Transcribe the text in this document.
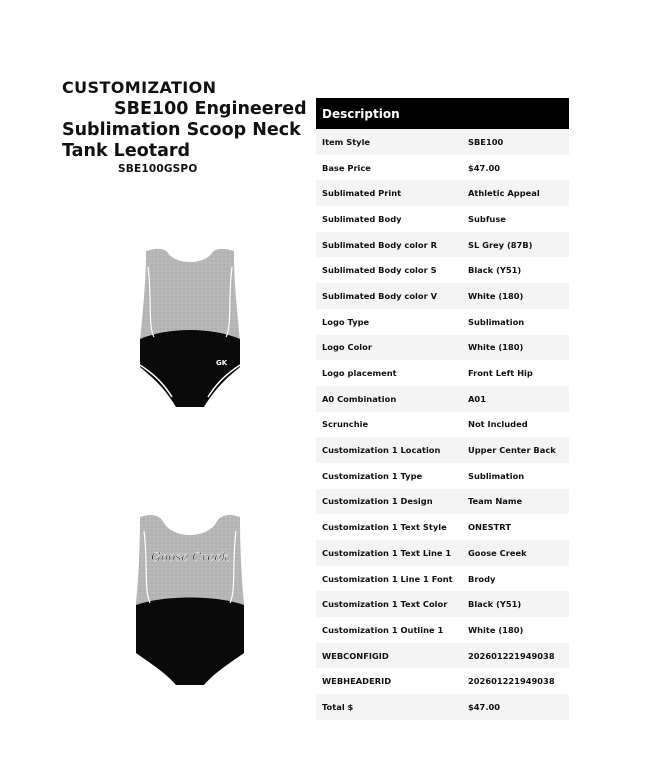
CUSTOMIZATION
SBE100 Engineered
Sublimation Scoop Neck
Tank Leotard
SBE100GSPO
GK
Goose Creek
Description	
Item Style	SBE100
Base Price	$47.00
Sublimated Print	Athletic Appeal
Sublimated Body	Subfuse
Sublimated Body color R	SL Grey (87B)
Sublimated Body color S	Black (Y51)
Sublimated Body color V	White (180)
Logo Type	Sublimation
Logo Color	White (180)
Logo placement	Front Left Hip
A0 Combination	A01
Scrunchie	Not Included
Customization 1 Location	Upper Center Back
Customization 1 Type	Sublimation
Customization 1 Design	Team Name
Customization 1 Text Style	ONESTRT
Customization 1 Text Line 1	Goose Creek
Customization 1 Line 1 Font	Brody
Customization 1 Text Color	Black (Y51)
Customization 1 Outline 1	White (180)
WEBCONFIGID	202601221949038
WEBHEADERID	202601221949038
Total $	$47.00
